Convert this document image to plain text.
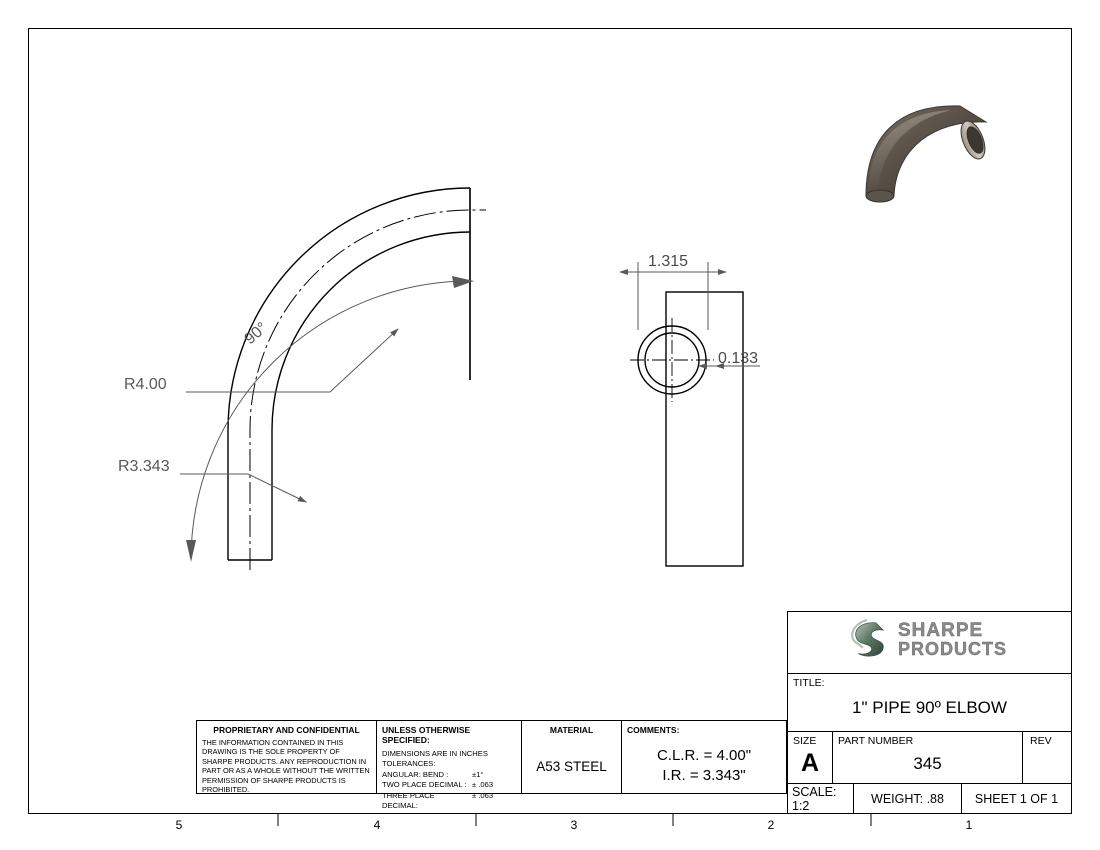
90°
R4.00
R3.343
1.315
0.133
5	4	3	2	1
PROPRIETARY AND CONFIDENTIAL
THE INFORMATION CONTAINED IN THIS DRAWING IS THE SOLE PROPERTY OF SHARPE PRODUCTS. ANY REPRODUCTION IN PART OR AS A WHOLE WITHOUT THE WRITTEN PERMISSION OF SHARPE PRODUCTS IS PROHIBITED.
UNLESS OTHERWISE SPECIFIED:
DIMENSIONS ARE IN INCHES
TOLERANCES:
ANGULAR: BEND :	±1°
TWO PLACE DECIMAL : ± .063
THREE PLACE DECIMAL:
± .063
MATERIAL
A53 STEEL
COMMENTS:
C.L.R. = 4.00"
I.R. = 3.343"
SHARPE
PRODUCTS
TITLE:
1" PIPE 90º ELBOW
SIZE
A
PART NUMBER
345
REV
SCALE: 1:2	WEIGHT: .88	SHEET 1 OF 1
